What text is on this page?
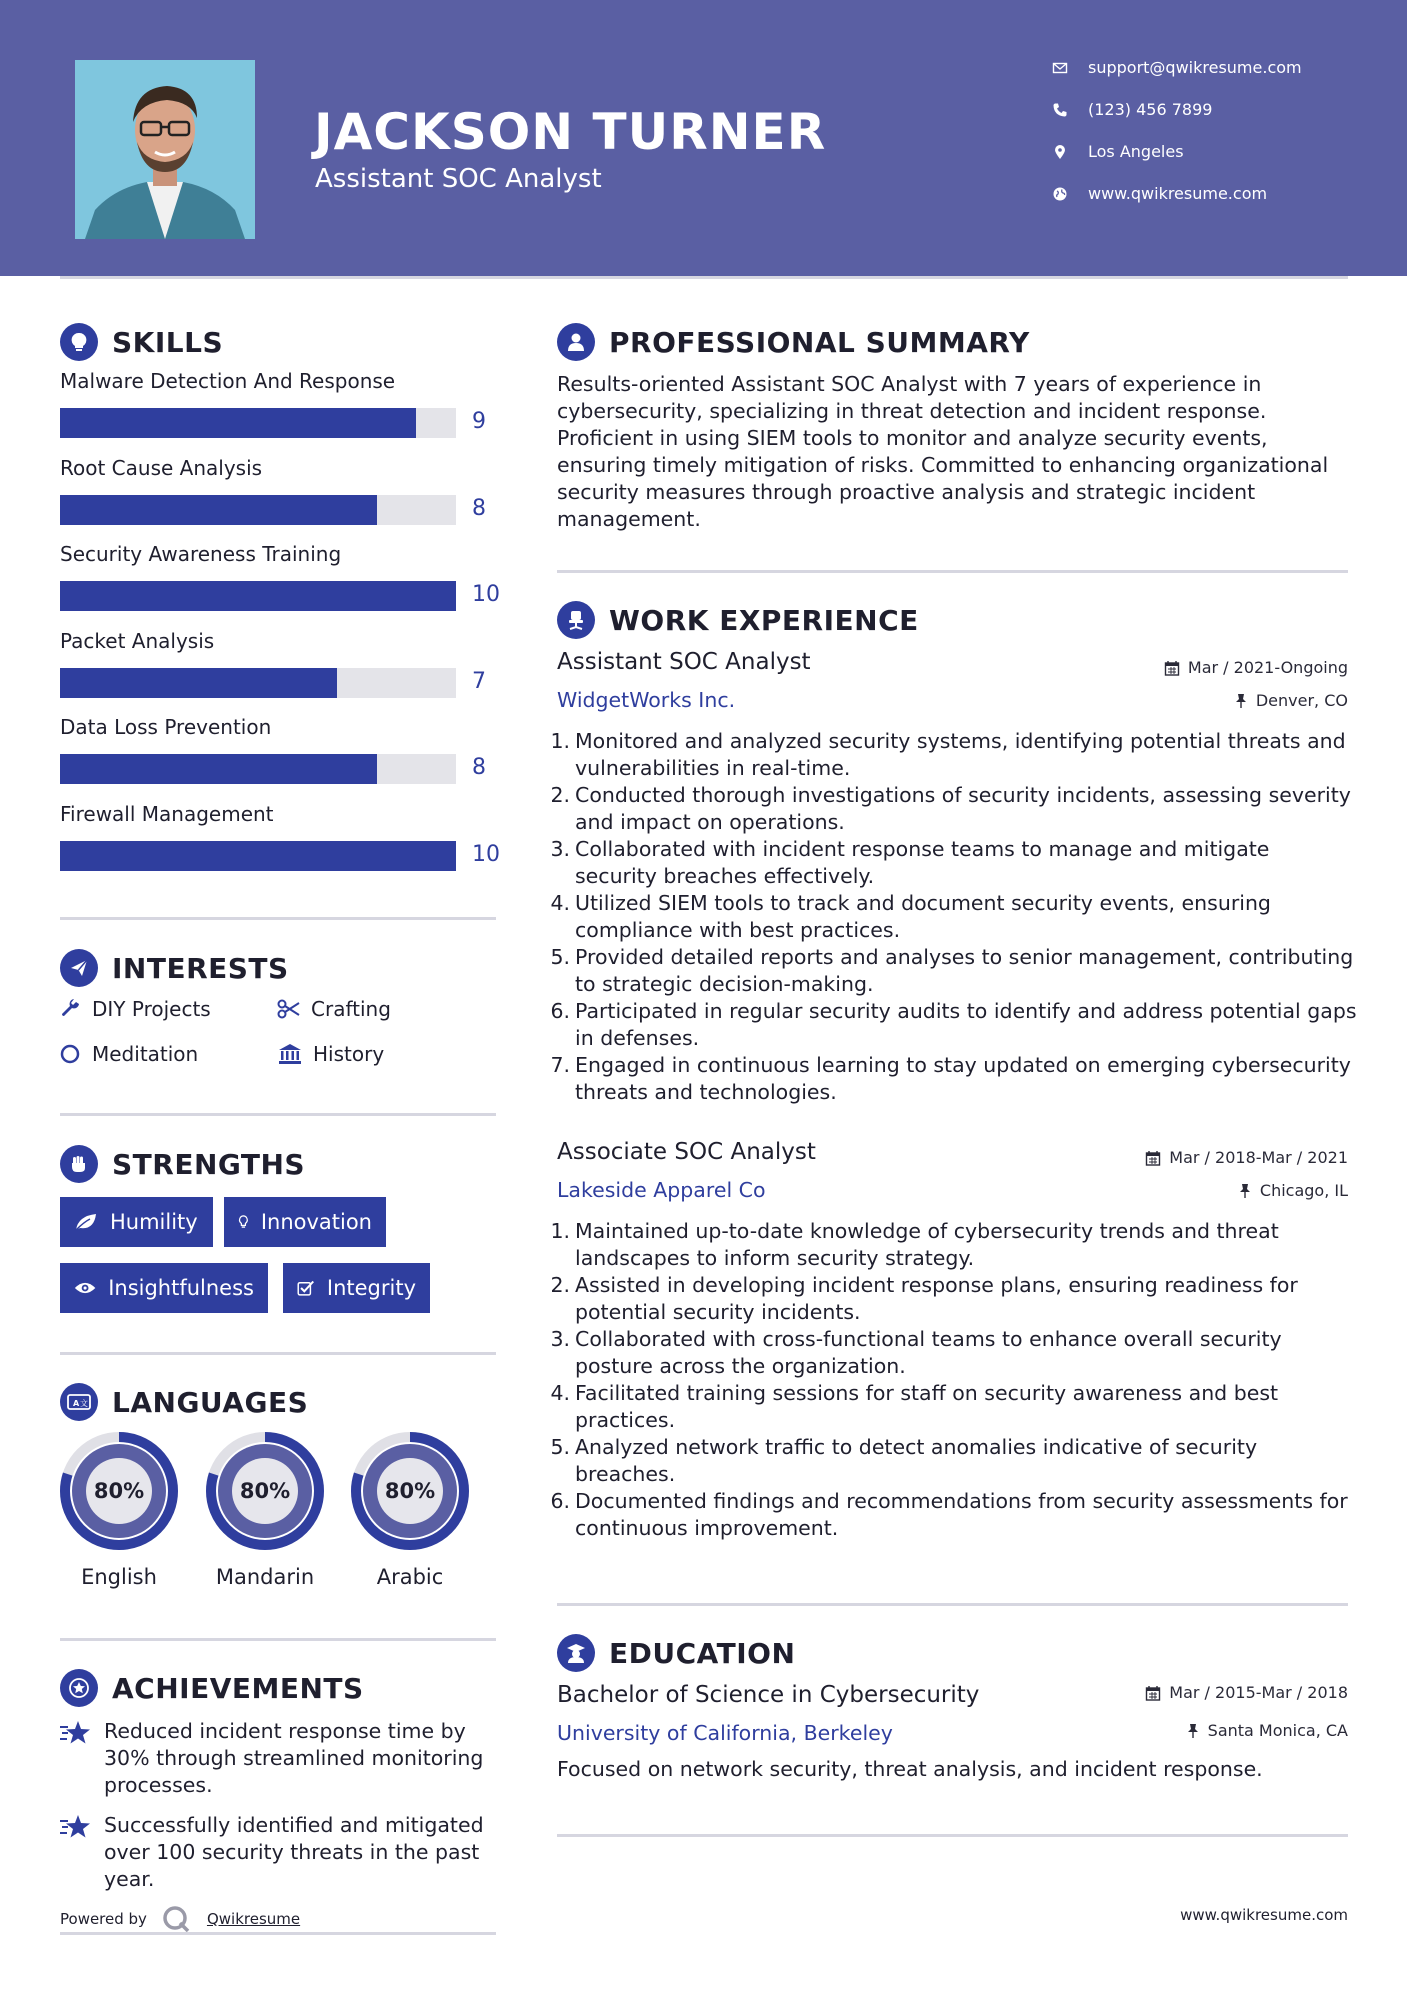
JACKSON TURNER
Assistant SOC Analyst
support@qwikresume.com
(123) 456 7899
Los Angeles
www.qwikresume.com
SKILLS
Malware Detection And Response
9
Root Cause Analysis
8
Security Awareness Training
10
Packet Analysis
7
Data Loss Prevention
8
Firewall Management
10
INTERESTS
DIY Projects	Crafting
Meditation	History
STRENGTHS
Humility	Innovation
Insightfulness	Integrity
A 文 LANGUAGES
80%
English
80%
Mandarin
80%
Arabic
ACHIEVEMENTS
Reduced incident response time by 30% through streamlined monitoring processes.
Successfully identified and mitigated over 100 security threats in the past year.
Powered by	Qwikresume
PROFESSIONAL SUMMARY
Results-oriented Assistant SOC Analyst with 7 years of experience in cybersecurity, specializing in threat detection and incident response. Proficient in using SIEM tools to monitor and analyze security events, ensuring timely mitigation of risks. Committed to enhancing organizational security measures through proactive analysis and strategic incident management.
WORK EXPERIENCE
Assistant SOC Analyst	Mar / 2021-Ongoing
WidgetWorks Inc.	Denver, CO
1. Monitored and analyzed security systems, identifying potential threats and vulnerabilities in real-time.
2. Conducted thorough investigations of security incidents, assessing severity and impact on operations.
3. Collaborated with incident response teams to manage and mitigate security breaches effectively.
4. Utilized SIEM tools to track and document security events, ensuring compliance with best practices.
5. Provided detailed reports and analyses to senior management, contributing to strategic decision-making.
6. Participated in regular security audits to identify and address potential gaps in defenses.
7. Engaged in continuous learning to stay updated on emerging cybersecurity threats and technologies.
Associate SOC Analyst	Mar / 2018-Mar / 2021
Lakeside Apparel Co	Chicago, IL
1. Maintained up-to-date knowledge of cybersecurity trends and threat landscapes to inform security strategy.
2. Assisted in developing incident response plans, ensuring readiness for potential security incidents.
3. Collaborated with cross-functional teams to enhance overall security posture across the organization.
4. Facilitated training sessions for staff on security awareness and best practices.
5. Analyzed network traffic to detect anomalies indicative of security breaches.
6. Documented findings and recommendations from security assessments for continuous improvement.
EDUCATION
Bachelor of Science in Cybersecurity	Mar / 2015-Mar / 2018
University of California, Berkeley	Santa Monica, CA
Focused on network security, threat analysis, and incident response.
www.qwikresume.com
